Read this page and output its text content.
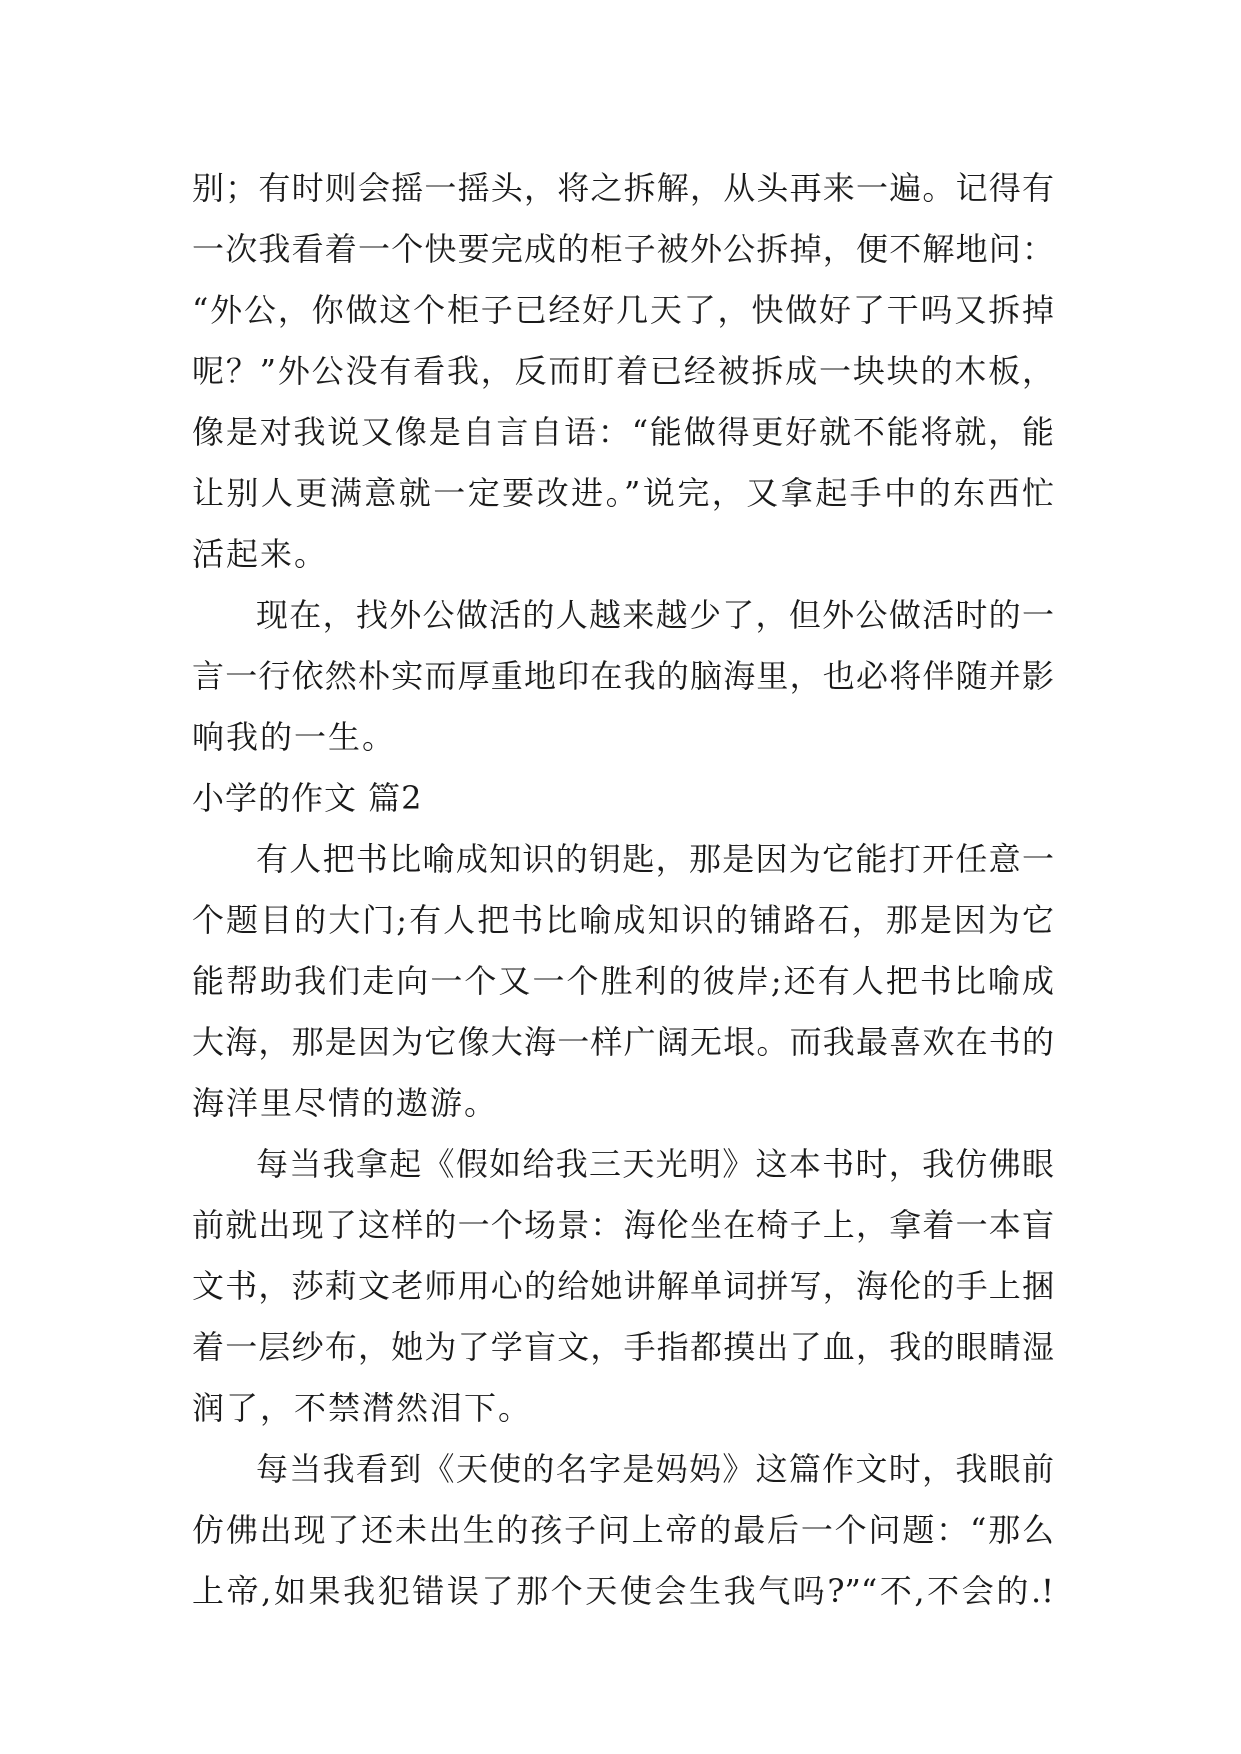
别；有时则会摇一摇头，将之拆解，从头再来一遍。记得有
一次我看着一个快要完成的柜子被外公拆掉，便不解地问：
“外公，你做这个柜子已经好几天了，快做好了干吗又拆掉
呢？”外公没有看我，反而盯着已经被拆成一块块的木板，
像是对我说又像是自言自语：“能做得更好就不能将就，能
让别人更满意就一定要改进。”说完，又拿起手中的东西忙
活起来。
现在，找外公做活的人越来越少了，但外公做活时的一
言一行依然朴实而厚重地印在我的脑海里，也必将伴随并影
响我的一生。
小学的作文 篇2
有人把书比喻成知识的钥匙，那是因为它能打开任意一
个题目的大门;有人把书比喻成知识的铺路石，那是因为它
能帮助我们走向一个又一个胜利的彼岸;还有人把书比喻成
大海，那是因为它像大海一样广阔无垠。而我最喜欢在书的
海洋里尽情的遨游。
每当我拿起《假如给我三天光明》这本书时，我仿佛眼
前就出现了这样的一个场景：海伦坐在椅子上，拿着一本盲
文书，莎莉文老师用心的给她讲解单词拼写，海伦的手上捆
着一层纱布，她为了学盲文，手指都摸出了血，我的眼睛湿
润了，不禁潸然泪下。
每当我看到《天使的名字是妈妈》这篇作文时，我眼前
仿佛出现了还未出生的孩子问上帝的最后一个问题：“那么
上帝,如果我犯错误了那个天使会生我气吗?”“不,不会的.!
